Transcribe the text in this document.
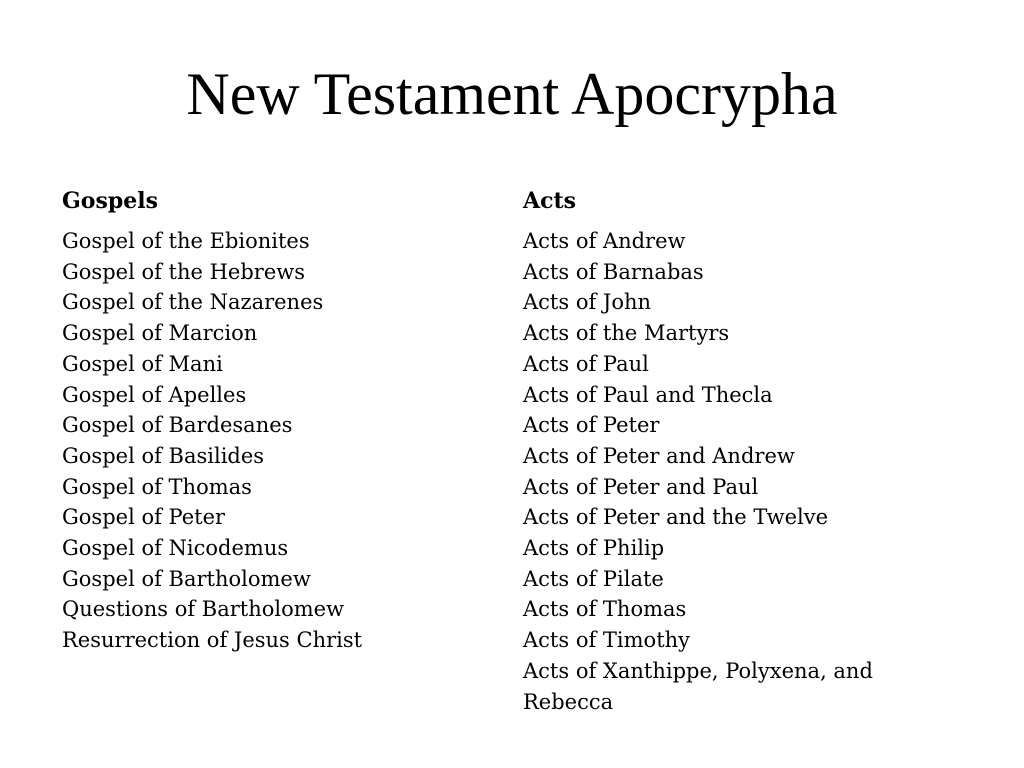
New Testament Apocrypha
Gospels
Gospel of the Ebionites
Gospel of the Hebrews
Gospel of the Nazarenes
Gospel of Marcion
Gospel of Mani
Gospel of Apelles
Gospel of Bardesanes
Gospel of Basilides
Gospel of Thomas
Gospel of Peter
Gospel of Nicodemus
Gospel of Bartholomew
Questions of Bartholomew
Resurrection of Jesus Christ
Acts
Acts of Andrew
Acts of Barnabas
Acts of John
Acts of the Martyrs
Acts of Paul
Acts of Paul and Thecla
Acts of Peter
Acts of Peter and Andrew
Acts of Peter and Paul
Acts of Peter and the Twelve
Acts of Philip
Acts of Pilate
Acts of Thomas
Acts of Timothy
Acts of Xanthippe, Polyxena, and Rebecca
